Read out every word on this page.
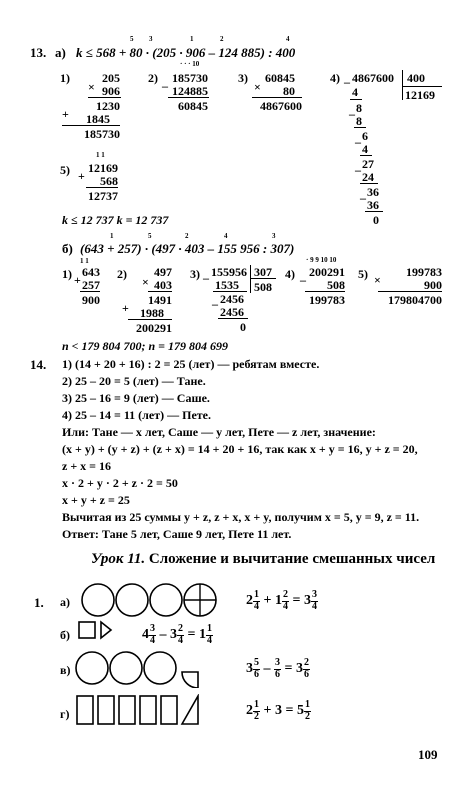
13. а) k ≤ 568 + 80 · (205 · 906 – 124 885) : 400
5 3	1	2	4
1)
×
205
906
1230
+	1845
185730
2)
· · · 10
–
185730
124885
60845
3)
×
60845
80
4867600
4) – 4867600 400
12169
4
8
– 8
6
– 4
27
– 24
36
– 36
0
5)
1 1
+
12169
568
12737
k ≤ 12 737 k = 12 737
б) (643 + 257) · (497 · 403 – 155 956 : 307)
1	5	2	4	3
1)
1 1
+
643
257
900
2)
×
497
403
1491
+ 1988
200291
3) – 155956 307
508
1535
– 2456
2456
0
4)
· 9 9 10 10
–
200291
508
199783
5) ×
199783
900
179804700
n < 179 804 700; n = 179 804 699
14. 1) (14 + 20 + 16) : 2 = 25 (лет) — ребятам вместе.
2) 25 – 20 = 5 (лет) — Тане.
3) 25 – 16 = 9 (лет) — Саше.
4) 25 – 14 = 11 (лет) — Пете.
Или: Тане — x лет, Саше — y лет, Пете — z лет, значение:
(x + y) + (y + z) + (z + x) = 14 + 20 + 16, так как x + y = 16, y + z = 20,
z + x = 16
x · 2 + y · 2 + z · 2 = 50
x + y + z = 25
Вычитая из 25 суммы y + z, z + x, x + y, получим x = 5, y = 9, z = 11.
Ответ: Тане 5 лет, Саше 9 лет, Пете 11 лет.
Урок 11. Сложение и вычитание смешанных чисел
1. а)	$2 \frac{1}{4} + 1 \frac{2}{4} = 3 \frac{3}{4}$
б)	$4 \frac{3}{4} - 3 \frac{2}{4} = 1 \frac{1}{4}$
в)	$3 \frac{5}{6} - \frac{3}{6} = 3 \frac{2}{6}$
г)	$2 \frac{1}{2} + 3 = 5 \frac{1}{2}$
109
